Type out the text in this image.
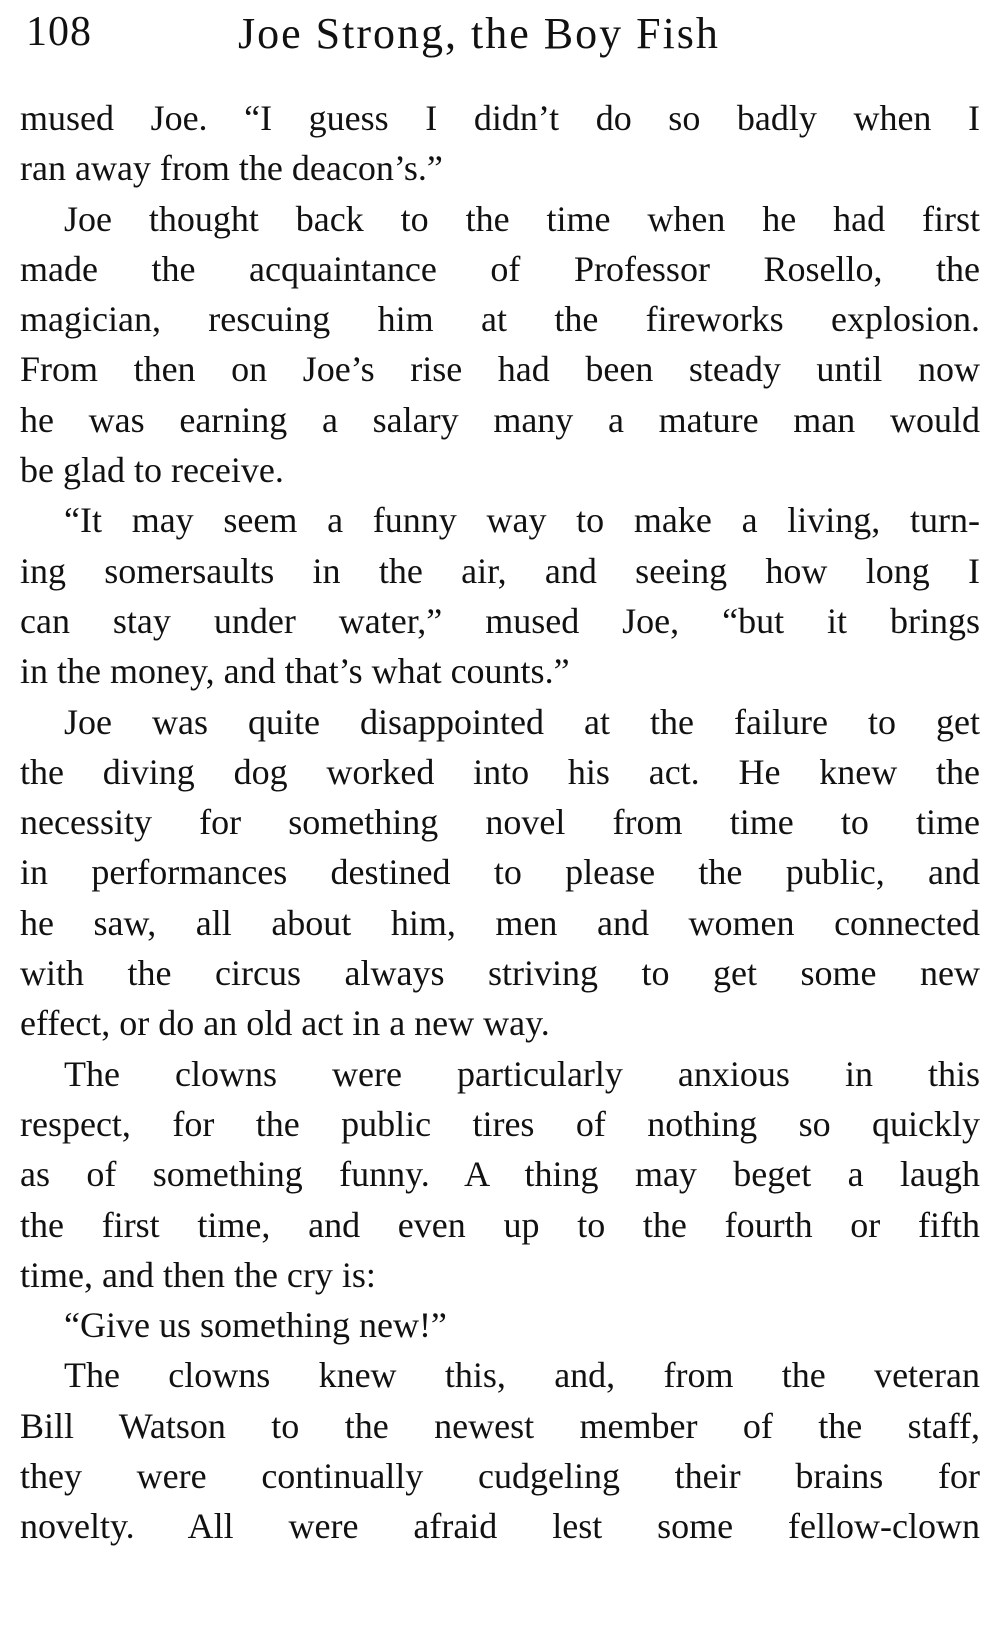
108	Joe Strong, the Boy Fish
mused Joe. “I guess I didn’t do so badly when I
ran away from the deacon’s.”
Joe thought back to the time when he had first
made the acquaintance of Professor Rosello, the
magician, rescuing him at the fireworks explosion.
From then on Joe’s rise had been steady until now
he was earning a salary many a mature man would
be glad to receive.
“It may seem a funny way to make a living, turn-
ing somersaults in the air, and seeing how long I
can stay under water,” mused Joe, “but it brings
in the money, and that’s what counts.”
Joe was quite disappointed at the failure to get
the diving dog worked into his act. He knew the
necessity for something novel from time to time
in performances destined to please the public, and
he saw, all about him, men and women connected
with the circus always striving to get some new
effect, or do an old act in a new way.
The clowns were particularly anxious in this
respect, for the public tires of nothing so quickly
as of something funny. A thing may beget a laugh
the first time, and even up to the fourth or fifth
time, and then the cry is:
“Give us something new!”
The clowns knew this, and, from the veteran
Bill Watson to the newest member of the staff,
they were continually cudgeling their brains for
novelty. All were afraid lest some fellow-clown
